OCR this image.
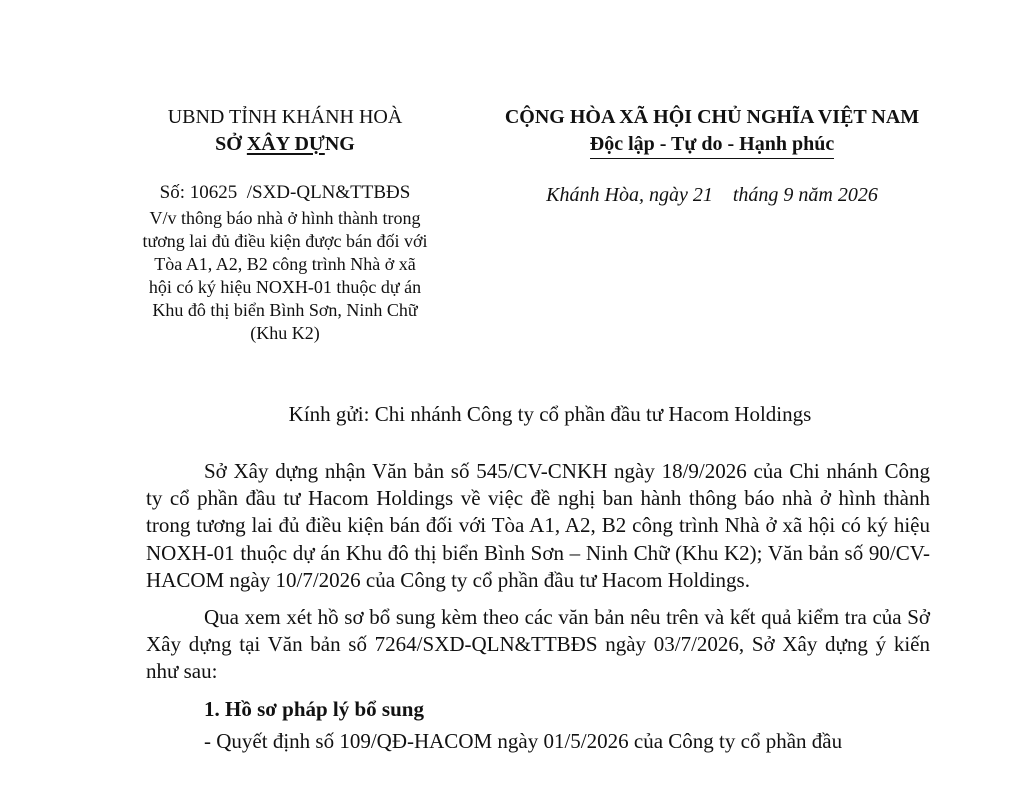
UBND TỈNH KHÁNH HOÀ
SỞ XÂY DỰNG
CỘNG HÒA XÃ HỘI CHỦ NGHĨA VIỆT NAM
Độc lập - Tự do - Hạnh phúc
Số: 10625 /SXD-QLN&TTBĐS
V/v thông báo nhà ở hình thành trong
tương lai đủ điều kiện được bán đối với
Tòa A1, A2, B2 công trình Nhà ở xã
hội có ký hiệu NOXH-01 thuộc dự án
Khu đô thị biển Bình Sơn, Ninh Chữ
(Khu K2)
Khánh Hòa, ngày 21 tháng 9 năm 2026
Kính gửi: Chi nhánh Công ty cổ phần đầu tư Hacom Holdings

Sở Xây dựng nhận Văn bản số 545/CV-CNKH ngày 18/9/2026 của Chi nhánh Công ty cổ phần đầu tư Hacom Holdings về việc đề nghị ban hành thông báo nhà ở hình thành trong tương lai đủ điều kiện bán đối với Tòa A1, A2, B2 công trình Nhà ở xã hội có ký hiệu NOXH-01 thuộc dự án Khu đô thị biển Bình Sơn – Ninh Chữ (Khu K2); Văn bản số 90/CV-HACOM ngày 10/7/2026 của Công ty cổ phần đầu tư Hacom Holdings.

Qua xem xét hồ sơ bổ sung kèm theo các văn bản nêu trên và kết quả kiểm tra của Sở Xây dựng tại Văn bản số 7264/SXD-QLN&TTBĐS ngày 03/7/2026, Sở Xây dựng ý kiến như sau:

1. Hồ sơ pháp lý bổ sung

- Quyết định số 109/QĐ-HACOM ngày 01/5/2026 của Công ty cổ phần đầu
